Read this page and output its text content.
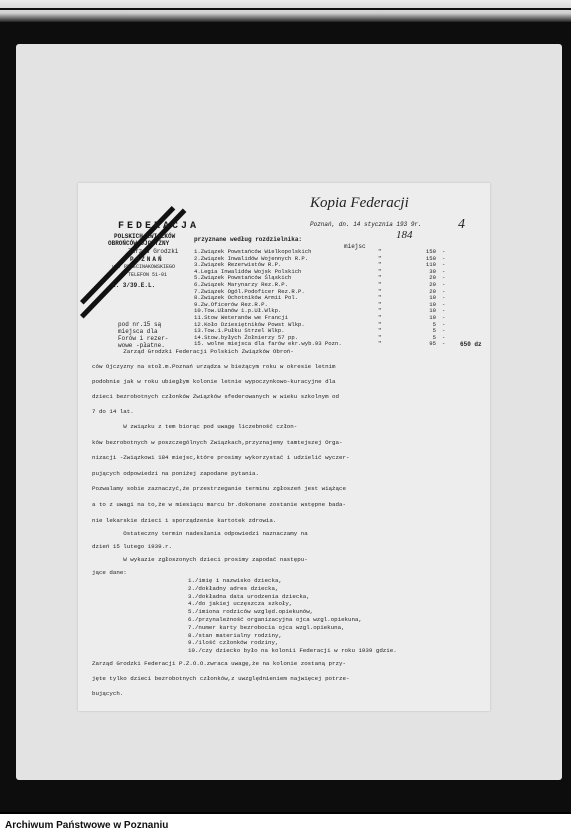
FEDERACJA
POLSKICH ZWIĄZKÓW
OBROŃCÓW OJCZYZNY
Zarząd Grodzki
POZNAŃ
ul. PRZECINAKOWSKIEGO
TELEFON 51-01
L. 3/39.E.L.
Kopia Federacji
4
Poznań, dn. 14 stycznia 193 9r.
184
przyznane według rozdzielnika:
miejsc
1.Związek Powstańców Wielkopolskich	"	150 -
2.Związek Inwalidów Wojennych R.P.	"	150 -
3.Związek Rezerwistów R.P.	"	110 -
4.Legia Inwalidów Wojsk Polskich	"	30 -
5.Związek Powstańców Śląskich	"	20 -
6.Związek Marynarzy Rez.R.P.	"	20 -
7.Związek Ogól.Podoficer Rez.R.P.	"	20 -
8.Związek Ochotników Armii Pol.	"	10 -
9.Zw.Oficerów Rez.R.P.	"	10 -
10.Tow.Ułanów 1.p.Uł.Wlkp.	"	10 -
11.Stow Weteranów we Francji	"	10 -
12.Koło Dziesiętników Powst Wlkp.	"	5 -
13.Tow.1.Pułku Strzel Wlkp.	"	5 -
14.Stow.byłych Żołnierzy 57 pp.	"	5 -
15. wolne miejsca dla farów ekr.wyb.93 Pozn.	"	95 - 650 dz
pod nr.15 są
miejsca dla
Forów i rezer-
wowe -płatne.
Zarząd Grodzki Federacji Polskich Związków Obroń-
ców Ojczyzny na stoł.m.Poznań urządza w bieżącym roku w okresie letnim
podobnie jak w roku ubiegłym kolonie letnie wypoczynkowo-kuracyjne dla
dzieci bezrobotnych członków Związków sfederowanych w wieku szkolnym od
7 do 14 lat.
W związku z tem biorąc pod uwagę liczebność człon-
ków bezrobotnych w poszczególnych Związkach,przyznajemy tamtejszej Orga-
nizacji -Związkowi 184 miejsc,które prosimy wykorzystać i udzielić wyczer-
pujących odpowiedzi na poniżej zapodane pytania.
Pozwalamy sobie zaznaczyć,że przestrzeganie terminu zgłoszeń jest wiążące
a to z uwagi na to,że w miesiącu marcu br.dokonane zostanie wstępne bada-
nie lekarskie dzieci i sporządzenie kartotek zdrowia.
Ostateczny termin nadesłania odpowiedzi naznaczamy na
dzień 15 lutego 1939.r.
W wykazie zgłoszonych dzieci prosimy zapodać następu-
jące dane:
1./imię i nazwisko dziecka,
2./dokładny adres dziecka,
3./dokładna data urodzenia dziecka,
4./do jakiej uczęszcza szkoły,
5./imiona rodziców względ.opiekunów,
6./przynależność organizacyjna ojca wzgl.opiekuna,
7./numer karty bezrobocia ojca wzgl.opiekuna,
8./stan materialny rodziny,
9./ilość członków rodziny,
10./czy dziecko było na kolonii Federacji w roku 1939 gdzie.
Zarząd Grodzki Federacji P.Z.O.O.zwraca uwagę,że na kolonie zostaną przy-
jęte tylko dzieci bezrobotnych członków,z uwzględnieniem najwięcej potrze-
bujących.
Archiwum Państwowe w Poznaniu
